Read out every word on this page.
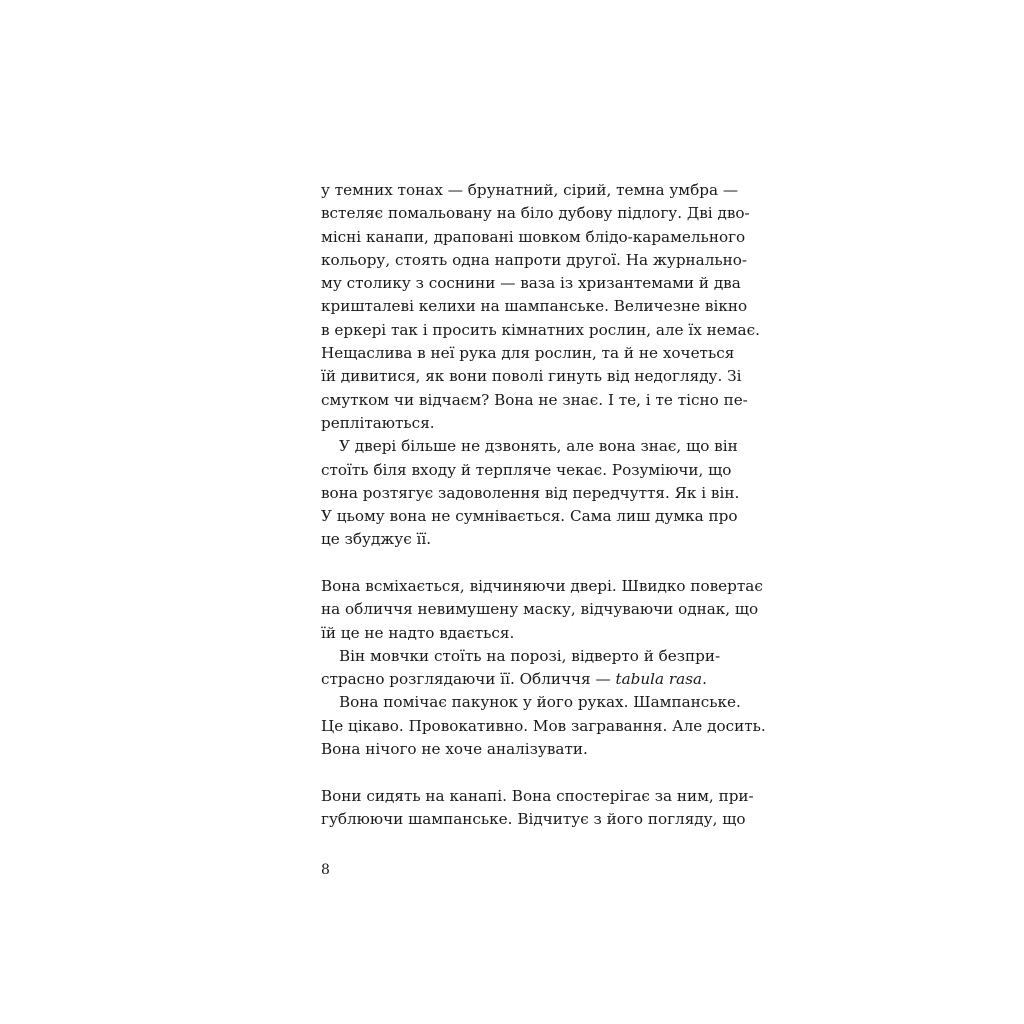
у темних тонах — брунатний, сірий, темна умбра —
встеляє помальовану на біло дубову підлогу. Дві дво-
місні канапи, драповані шовком блідо-карамельного
кольору, стоять одна напроти другої. На журнально-
му столику з соснини — ваза із хризантемами й два
кришталеві келихи на шампанське. Величезне вікно
в еркері так і просить кімнатних рослин, але їх немає.
Нещаслива в неї рука для рослин, та й не хочеться
їй дивитися, як вони поволі гинуть від недогляду. Зі
смутком чи відчаєм? Вона не знає. І те, і те тісно пе-
реплітаються.

У двері більше не дзвонять, але вона знає, що він
стоїть біля входу й терпляче чекає. Розуміючи, що
вона розтягує задоволення від передчуття. Як і він.
У цьому вона не сумнівається. Сама лиш думка про
це збуджує її.

Вона всміхається, відчиняючи двері. Швидко повертає
на обличчя невимушену маску, відчуваючи однак, що
їй це не надто вдається.

Він мовчки стоїть на порозі, відверто й безпри-
страсно розглядаючи її. Обличчя — tabula rasa.

Вона помічає пакунок у його руках. Шампанське.
Це цікаво. Провокативно. Мов загравання. Але досить.
Вона нічого не хоче аналізувати.

Вони сидять на канапі. Вона спостерігає за ним, при-
гублюючи шампанське. Відчитує з його погляду, що

8
